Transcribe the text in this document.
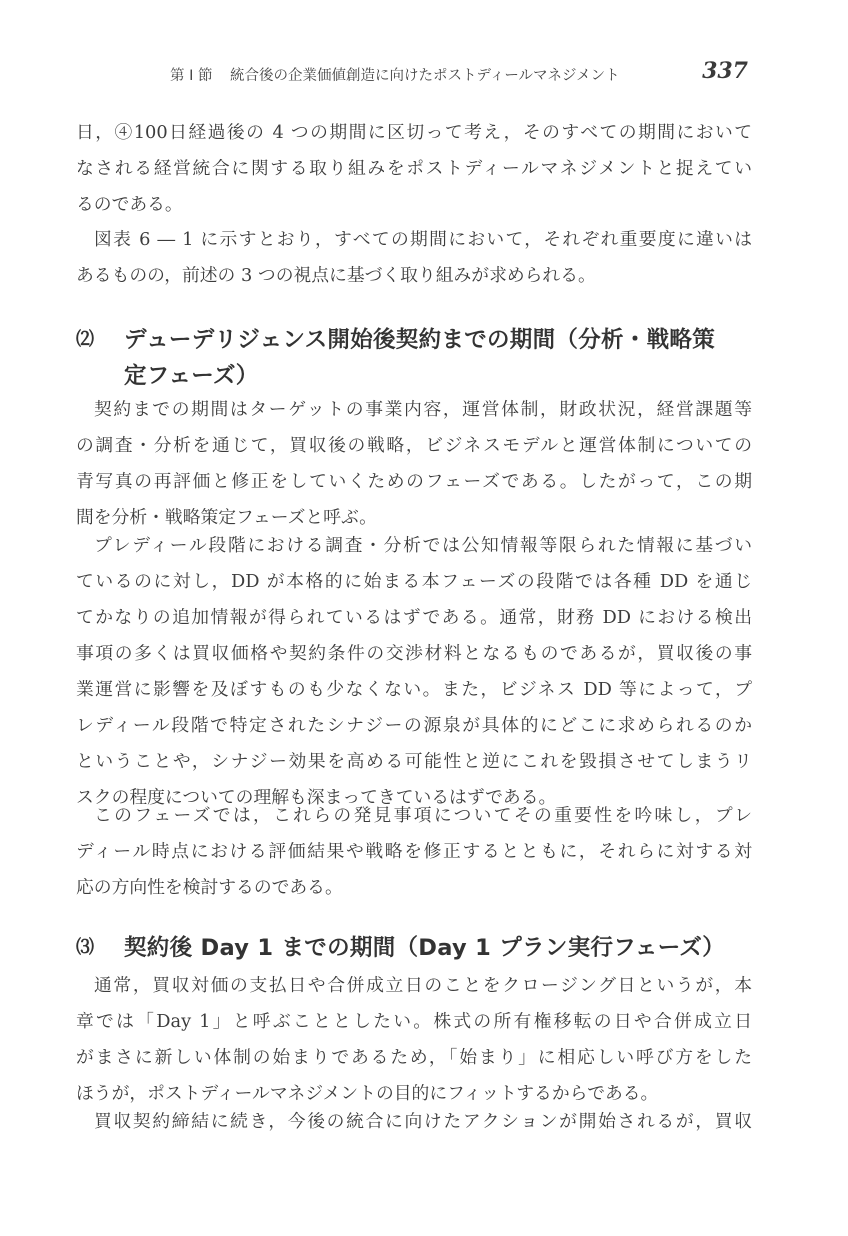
第 I 節 統合後の企業価値創造に向けたポストディールマネジメント	337
日，④100日経過後の 4 つの期間に区切って考え，そのすべての期間において
なされる経営統合に関する取り組みをポストディールマネジメントと捉えてい
るのである。
図表 6 ― 1 に示すとおり，すべての期間において，それぞれ重要度に違いは
あるものの，前述の 3 つの視点に基づく取り組みが求められる。
⑵ デューデリジェンス開始後契約までの期間（分析・戦略策
定フェーズ）
契約までの期間はターゲットの事業内容，運営体制，財政状況，経営課題等
の調査・分析を通じて，買収後の戦略，ビジネスモデルと運営体制についての
青写真の再評価と修正をしていくためのフェーズである。したがって，この期
間を分析・戦略策定フェーズと呼ぶ。
プレディール段階における調査・分析では公知情報等限られた情報に基づい
ているのに対し，DD が本格的に始まる本フェーズの段階では各種 DD を通じ
てかなりの追加情報が得られているはずである。通常，財務 DD における検出
事項の多くは買収価格や契約条件の交渉材料となるものであるが，買収後の事
業運営に影響を及ぼすものも少なくない。また，ビジネス DD 等によって，プ
レディール段階で特定されたシナジーの源泉が具体的にどこに求められるのか
ということや，シナジー効果を高める可能性と逆にこれを毀損させてしまうリ
スクの程度についての理解も深まってきているはずである。
このフェーズでは，これらの発見事項についてその重要性を吟味し，プレ
ディール時点における評価結果や戦略を修正するとともに，それらに対する対
応の方向性を検討するのである。
⑶ 契約後 Day 1 までの期間（Day 1 プラン実行フェーズ）
通常，買収対価の支払日や合併成立日のことをクロージング日というが，本
章では「Day 1」と呼ぶこととしたい。株式の所有権移転の日や合併成立日
がまさに新しい体制の始まりであるため，「始まり」に相応しい呼び方をした
ほうが，ポストディールマネジメントの目的にフィットするからである。
買収契約締結に続き，今後の統合に向けたアクションが開始されるが，買収
